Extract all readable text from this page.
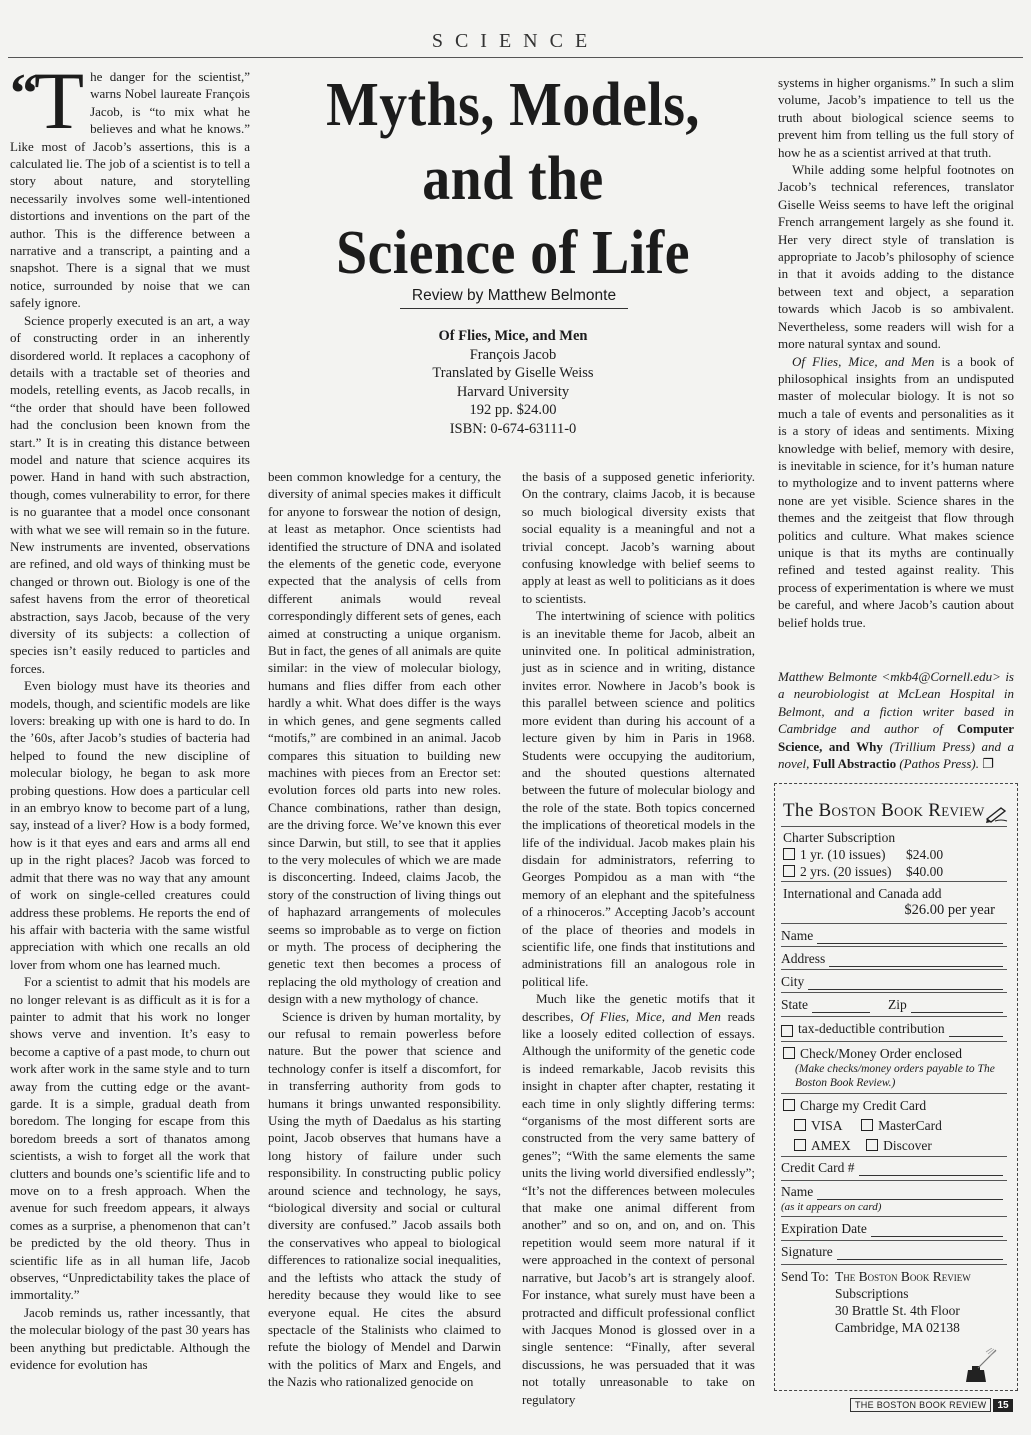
SCIENCE

“T he danger for the scientist,” warns Nobel laureate François Jacob, is “to mix what he believes and what he knows.” Like most of Jacob’s assertions, this is a calculated lie. The job of a scientist is to tell a story about nature, and storytelling necessarily involves some well-intentioned distortions and inventions on the part of the author. This is the difference between a narrative and a transcript, a painting and a snapshot. There is a signal that we must notice, surrounded by noise that we can safely ignore.

Science properly executed is an art, a way of constructing order in an inherently disordered world. It replaces a cacophony of details with a tractable set of theories and models, retelling events, as Jacob recalls, in “the order that should have been followed had the conclusion been known from the start.” It is in creating this distance between model and nature that science acquires its power. Hand in hand with such abstraction, though, comes vulnerability to error, for there is no guarantee that a model once consonant with what we see will remain so in the future. New instruments are invented, observations are refined, and old ways of thinking must be changed or thrown out. Biology is one of the safest havens from the error of theoretical abstraction, says Jacob, because of the very diversity of its subjects: a collection of species isn’t easily reduced to particles and forces.

Even biology must have its theories and models, though, and scientific models are like lovers: breaking up with one is hard to do. In the ’60s, after Jacob’s studies of bacteria had helped to found the new discipline of molecular biology, he began to ask more probing questions. How does a particular cell in an embryo know to become part of a lung, say, instead of a liver? How is a body formed, how is it that eyes and ears and arms all end up in the right places? Jacob was forced to admit that there was no way that any amount of work on single-celled creatures could address these problems. He reports the end of his affair with bacteria with the same wistful appreciation with which one recalls an old lover from whom one has learned much.

For a scientist to admit that his models are no longer relevant is as difficult as it is for a painter to admit that his work no longer shows verve and invention. It’s easy to become a captive of a past mode, to churn out work after work in the same style and to turn away from the cutting edge or the avant-garde. It is a simple, gradual death from boredom. The longing for escape from this boredom breeds a sort of thanatos among scientists, a wish to forget all the work that clutters and bounds one’s scientific life and to move on to a fresh approach. When the avenue for such freedom appears, it always comes as a surprise, a phenomenon that can’t be predicted by the old theory. Thus in scientific life as in all human life, Jacob observes, “Unpredictability takes the place of immortality.”

Jacob reminds us, rather incessantly, that the molecular biology of the past 30 years has been anything but predictable. Although the evidence for evolution has

Myths, Models,
and the
Science of Life
Review by Matthew Belmonte
Of Flies, Mice, and Men
François Jacob
Translated by Giselle Weiss
Harvard University
192 pp. $24.00
ISBN: 0-674-63111-0

been common knowledge for a century, the diversity of animal species makes it difficult for anyone to forswear the notion of design, at least as metaphor. Once scientists had identified the structure of DNA and isolated the elements of the genetic code, everyone expected that the analysis of cells from different animals would reveal correspondingly different sets of genes, each aimed at constructing a unique organism. But in fact, the genes of all animals are quite similar: in the view of molecular biology, humans and flies differ from each other hardly a whit. What does differ is the ways in which genes, and gene segments called “motifs,” are combined in an animal. Jacob compares this situation to building new machines with pieces from an Erector set: evolution forces old parts into new roles. Chance combinations, rather than design, are the driving force. We’ve known this ever since Darwin, but still, to see that it applies to the very molecules of which we are made is disconcerting. Indeed, claims Jacob, the story of the construction of living things out of haphazard arrangements of molecules seems so improbable as to verge on fiction or myth. The process of deciphering the genetic text then becomes a process of replacing the old mythology of creation and design with a new mythology of chance.

Science is driven by human mortality, by our refusal to remain powerless before nature. But the power that science and technology confer is itself a discomfort, for in transferring authority from gods to humans it brings unwanted responsibility. Using the myth of Daedalus as his starting point, Jacob observes that humans have a long history of failure under such responsibility. In constructing public policy around science and technology, he says, “biological diversity and social or cultural diversity are confused.” Jacob assails both the conservatives who appeal to biological differences to rationalize social inequalities, and the leftists who attack the study of heredity because they would like to see everyone equal. He cites the absurd spectacle of the Stalinists who claimed to refute the biology of Mendel and Darwin with the politics of Marx and Engels, and the Nazis who rationalized genocide on

the basis of a supposed genetic inferiority. On the contrary, claims Jacob, it is because so much biological diversity exists that social equality is a meaningful and not a trivial concept. Jacob’s warning about confusing knowledge with belief seems to apply at least as well to politicians as it does to scientists.

The intertwining of science with politics is an inevitable theme for Jacob, albeit an uninvited one. In political administration, just as in science and in writing, distance invites error. Nowhere in Jacob’s book is this parallel between science and politics more evident than during his account of a lecture given by him in Paris in 1968. Students were occupying the auditorium, and the shouted questions alternated between the future of molecular biology and the role of the state. Both topics concerned the implications of theoretical models in the life of the individual. Jacob makes plain his disdain for administrators, referring to Georges Pompidou as a man with “the memory of an elephant and the spitefulness of a rhinoceros.” Accepting Jacob’s account of the place of theories and models in scientific life, one finds that institutions and administrations fill an analogous role in political life.

Much like the genetic motifs that it describes, Of Flies, Mice, and Men reads like a loosely edited collection of essays. Although the uniformity of the genetic code is indeed remarkable, Jacob revisits this insight in chapter after chapter, restating it each time in only slightly differing terms: “organisms of the most different sorts are constructed from the very same battery of genes”; “With the same elements the same units the living world diversified endlessly”; “It’s not the differences between molecules that make one animal different from another” and so on, and on, and on. This repetition would seem more natural if it were approached in the context of personal narrative, but Jacob’s art is strangely aloof. For instance, what surely must have been a protracted and difficult professional conflict with Jacques Monod is glossed over in a single sentence: “Finally, after several discussions, he was persuaded that it was not totally unreasonable to take on regulatory

systems in higher organisms.” In such a slim volume, Jacob’s impatience to tell us the truth about biological science seems to prevent him from telling us the full story of how he as a scientist arrived at that truth.

While adding some helpful footnotes on Jacob’s technical references, translator Giselle Weiss seems to have left the original French arrangement largely as she found it. Her very direct style of translation is appropriate to Jacob’s philosophy of science in that it avoids adding to the distance between text and object, a separation towards which Jacob is so ambivalent. Nevertheless, some readers will wish for a more natural syntax and sound.

Of Flies, Mice, and Men is a book of philosophical insights from an undisputed master of molecular biology. It is not so much a tale of events and personalities as it is a story of ideas and sentiments. Mixing knowledge with belief, memory with desire, is inevitable in science, for it’s human nature to mythologize and to invent patterns where none are yet visible. Science shares in the themes and the zeitgeist that flow through politics and culture. What makes science unique is that its myths are continually refined and tested against reality. This process of experimentation is where we must be careful, and where Jacob’s caution about belief holds true.

Matthew Belmonte <mkb4@Cornell.edu> is a neurobiologist at McLean Hospital in Belmont, and a fiction writer based in Cambridge and author of Computer Science, and Why (Trillium Press) and a novel, Full Abstractio (Pathos Press). ❐
The Boston Book Review
Charter Subscription
1 yr. (10 issues) $24.00
2 yrs. (20 issues) $40.00
International and Canada add
$26.00 per year
Name
Address
City
State	Zip
tax-deductible contribution
Check/Money Order enclosed
(Make checks/money orders payable to The Boston Book Review.)
Charge my Credit Card
VISA	MasterCard
AMEX Discover
Credit Card #
Name
(as it appears on card)
Expiration Date
Signature
Send To: The Boston Book Review
Subscriptions
30 Brattle St. 4th Floor
Cambridge, MA 02138
THE BOSTON BOOK REVIEW 15
